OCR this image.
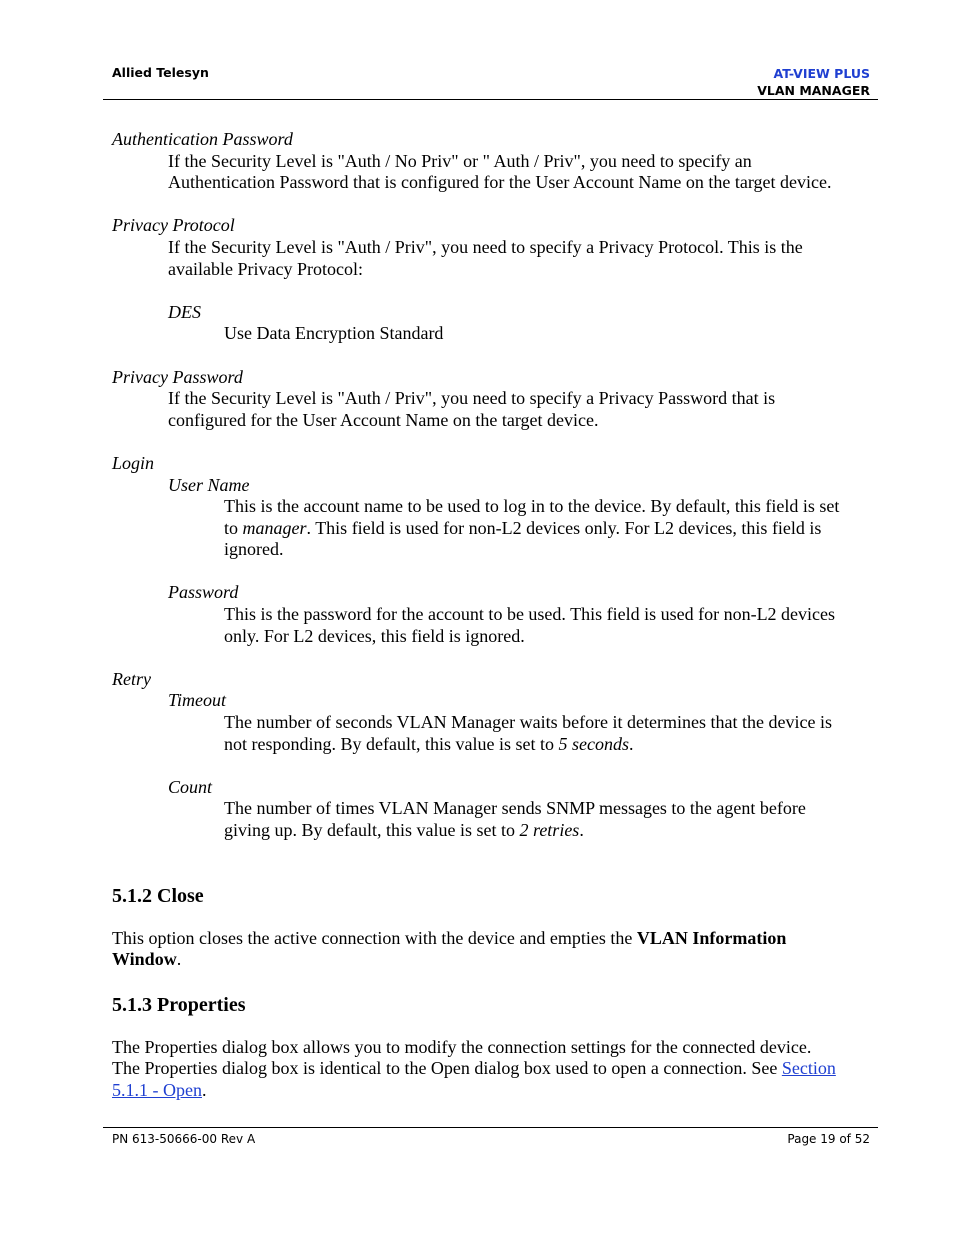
Allied Telesyn	AT-VIEW PLUS
VLAN MANAGER
Authentication Password
If the Security Level is "Auth / No Priv" or " Auth / Priv", you need to specify an
Authentication Password that is configured for the User Account Name on the target device.
Privacy Protocol
If the Security Level is "Auth / Priv", you need to specify a Privacy Protocol. This is the
available Privacy Protocol:
DES
Use Data Encryption Standard
Privacy Password
If the Security Level is "Auth / Priv", you need to specify a Privacy Password that is
configured for the User Account Name on the target device.
Login
User Name
This is the account name to be used to log in to the device. By default, this field is set
to manager. This field is used for non-L2 devices only. For L2 devices, this field is
ignored.
Password
This is the password for the account to be used. This field is used for non-L2 devices
only. For L2 devices, this field is ignored.
Retry
Timeout
The number of seconds VLAN Manager waits before it determines that the device is
not responding. By default, this value is set to 5 seconds.
Count
The number of times VLAN Manager sends SNMP messages to the agent before
giving up. By default, this value is set to 2 retries.
5.1.2 Close
This option closes the active connection with the device and empties the VLAN Information
Window.
5.1.3 Properties
The Properties dialog box allows you to modify the connection settings for the connected device.
The Properties dialog box is identical to the Open dialog box used to open a connection. See Section
5.1.1 - Open.
PN 613-50666-00 Rev A	Page 19 of 52
